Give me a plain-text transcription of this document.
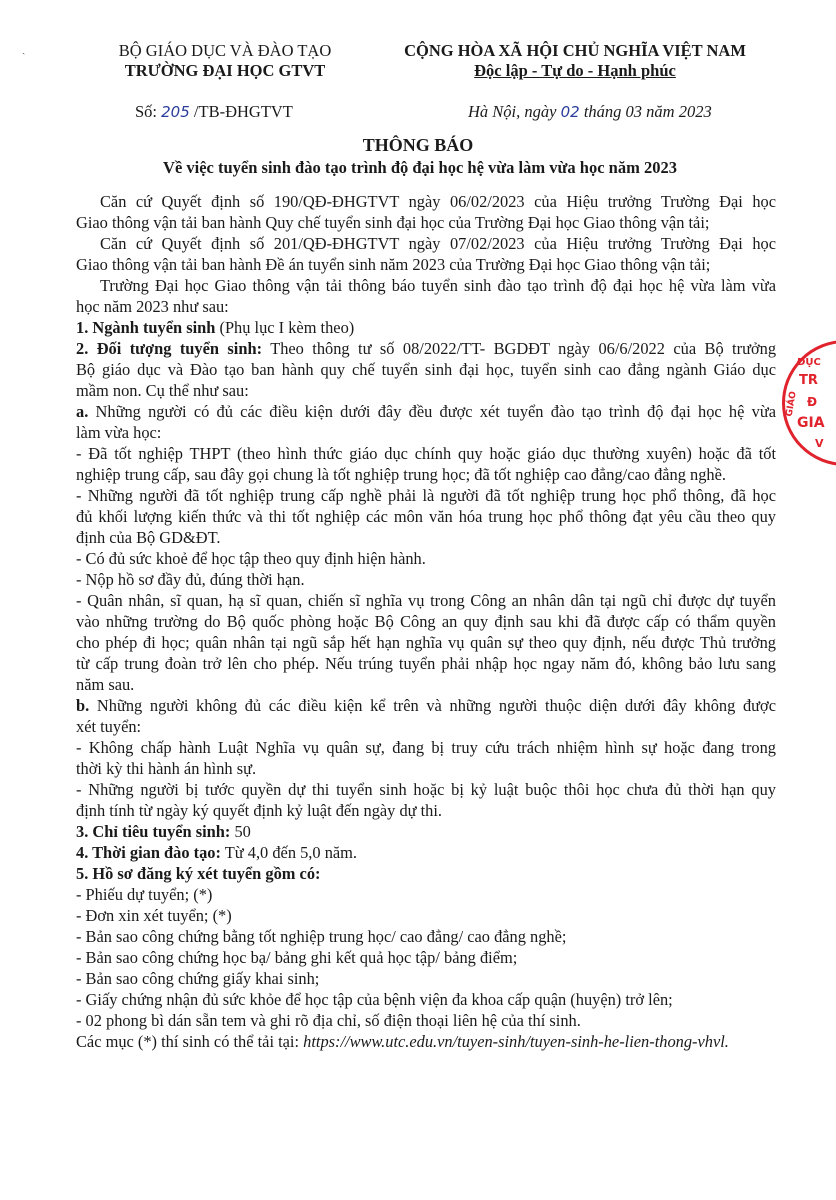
ˏ	BỘ GIÁO DỤC VÀ ĐÀO TẠO
TRƯỜNG ĐẠI HỌC GTVT
CỘNG HÒA XÃ HỘI CHỦ NGHĨA VIỆT NAM
Độc lập - Tự do - Hạnh phúc
Số: 205 /TB-ĐHGTVT	Hà Nội, ngày 02 tháng 03 năm 2023
THÔNG BÁO
Về việc tuyển sinh đào tạo trình độ đại học hệ vừa làm vừa học năm 2023
ĐỤC
TR
Đ
GIA
V
GIÁO
Căn cứ Quyết định số 190/QĐ-ĐHGTVT ngày 06/02/2023 của Hiệu trưởng Trường Đại học
Giao thông vận tải ban hành Quy chế tuyển sinh đại học của Trường Đại học Giao thông vận tải;
Căn cứ Quyết định số 201/QĐ-ĐHGTVT ngày 07/02/2023 của Hiệu trưởng Trường Đại học
Giao thông vận tải ban hành Đề án tuyển sinh năm 2023 của Trường Đại học Giao thông vận tải;
Trường Đại học Giao thông vận tải thông báo tuyển sinh đào tạo trình độ đại học hệ vừa làm vừa
học năm 2023 như sau:
1. Ngành tuyển sinh (Phụ lục I kèm theo)
2. Đối tượng tuyển sinh: Theo thông tư số 08/2022/TT- BGDĐT ngày 06/6/2022 của Bộ trưởng
Bộ giáo dục và Đào tạo ban hành quy chế tuyển sinh đại học, tuyển sinh cao đẳng ngành Giáo dục
mầm non. Cụ thể như sau:
a. Những người có đủ các điều kiện dưới đây đều được xét tuyển đào tạo trình độ đại học hệ vừa
làm vừa học:
- Đã tốt nghiệp THPT (theo hình thức giáo dục chính quy hoặc giáo dục thường xuyên) hoặc đã tốt
nghiệp trung cấp, sau đây gọi chung là tốt nghiệp trung học; đã tốt nghiệp cao đẳng/cao đẳng nghề.
- Những người đã tốt nghiệp trung cấp nghề phải là người đã tốt nghiệp trung học phổ thông, đã học
đủ khối lượng kiến thức và thi tốt nghiệp các môn văn hóa trung học phổ thông đạt yêu cầu theo quy
định của Bộ GD&ĐT.
- Có đủ sức khoẻ để học tập theo quy định hiện hành.
- Nộp hồ sơ đầy đủ, đúng thời hạn.
- Quân nhân, sĩ quan, hạ sĩ quan, chiến sĩ nghĩa vụ trong Công an nhân dân tại ngũ chỉ được dự tuyển
vào những trường do Bộ quốc phòng hoặc Bộ Công an quy định sau khi đã được cấp có thẩm quyền
cho phép đi học; quân nhân tại ngũ sắp hết hạn nghĩa vụ quân sự theo quy định, nếu được Thủ trưởng
từ cấp trung đoàn trở lên cho phép. Nếu trúng tuyển phải nhập học ngay năm đó, không bảo lưu sang
năm sau.
b. Những người không đủ các điều kiện kể trên và những người thuộc diện dưới đây không được
xét tuyển:
- Không chấp hành Luật Nghĩa vụ quân sự, đang bị truy cứu trách nhiệm hình sự hoặc đang trong
thời kỳ thi hành án hình sự.
- Những người bị tước quyền dự thi tuyển sinh hoặc bị kỷ luật buộc thôi học chưa đủ thời hạn quy
định tính từ ngày ký quyết định kỷ luật đến ngày dự thi.
3. Chỉ tiêu tuyển sinh: 50
4. Thời gian đào tạo: Từ 4,0 đến 5,0 năm.
5. Hồ sơ đăng ký xét tuyển gồm có:
- Phiếu dự tuyển; (*)
- Đơn xin xét tuyển; (*)
- Bản sao công chứng bằng tốt nghiệp trung học/ cao đẳng/ cao đẳng nghề;
- Bản sao công chứng học bạ/ bảng ghi kết quả học tập/ bảng điểm;
- Bản sao công chứng giấy khai sinh;
- Giấy chứng nhận đủ sức khỏe để học tập của bệnh viện đa khoa cấp quận (huyện) trở lên;
- 02 phong bì dán sẵn tem và ghi rõ địa chỉ, số điện thoại liên hệ của thí sinh.
Các mục (*) thí sinh có thể tải tại: https://www.utc.edu.vn/tuyen-sinh/tuyen-sinh-he-lien-thong-vhvl.
